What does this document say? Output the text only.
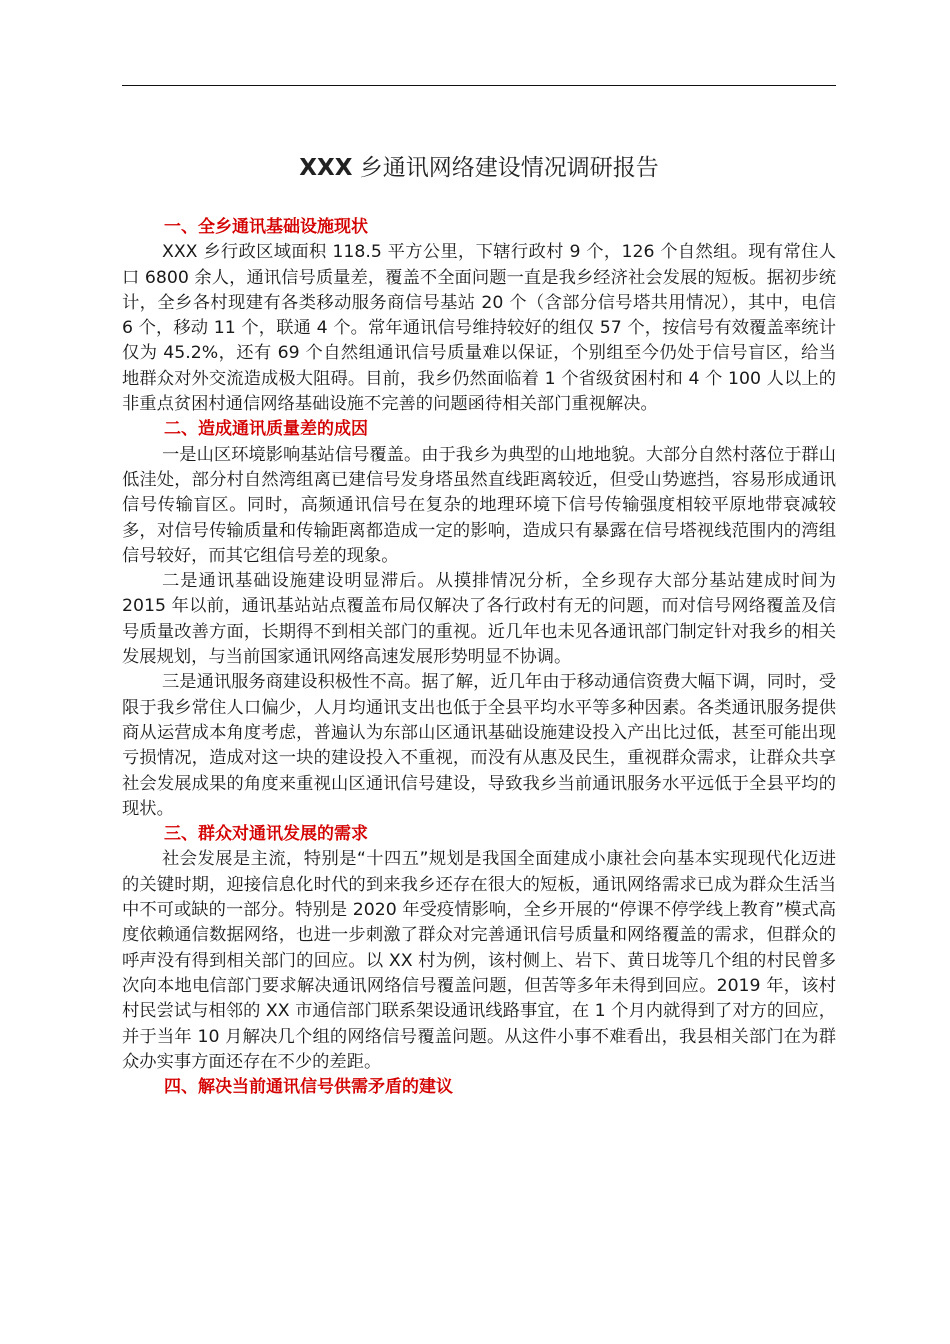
XXX 乡通讯网络建设情况调研报告
一、全乡通讯基础设施现状

XXX 乡行政区域面积 118.5 平方公里，下辖行政村 9 个，126 个自然组。现有常住人口 6800 余人，通讯信号质量差，覆盖不全面问题一直是我乡经济社会发展的短板。据初步统计，全乡各村现建有各类移动服务商信号基站 20 个（含部分信号塔共用情况），其中，电信 6 个，移动 11 个，联通 4 个。常年通讯信号维持较好的组仅 57 个，按信号有效覆盖率统计仅为 45.2%，还有 69 个自然组通讯信号质量难以保证，个别组至今仍处于信号盲区，给当地群众对外交流造成极大阻碍。目前，我乡仍然面临着 1 个省级贫困村和 4 个 100 人以上的非重点贫困村通信网络基础设施不完善的问题函待相关部门重视解决。

二、造成通讯质量差的成因

一是山区环境影响基站信号覆盖。由于我乡为典型的山地地貌。大部分自然村落位于群山低洼处，部分村自然湾组离已建信号发身塔虽然直线距离较近，但受山势遮挡，容易形成通讯信号传输盲区。同时，高频通讯信号在复杂的地理环境下信号传输强度相较平原地带衰减较多，对信号传输质量和传输距离都造成一定的影响，造成只有暴露在信号塔视线范围内的湾组信号较好，而其它组信号差的现象。

二是通讯基础设施建设明显滞后。从摸排情况分析，全乡现存大部分基站建成时间为 2015 年以前，通讯基站站点覆盖布局仅解决了各行政村有无的问题，而对信号网络覆盖及信号质量改善方面，长期得不到相关部门的重视。近几年也未见各通讯部门制定针对我乡的相关发展规划，与当前国家通讯网络高速发展形势明显不协调。

三是通讯服务商建设积极性不高。据了解，近几年由于移动通信资费大幅下调，同时，受限于我乡常住人口偏少，人月均通讯支出也低于全县平均水平等多种因素。各类通讯服务提供商从运营成本角度考虑，普遍认为东部山区通讯基础设施建设投入产出比过低，甚至可能出现亏损情况，造成对这一块的建设投入不重视，而没有从惠及民生，重视群众需求，让群众共享社会发展成果的角度来重视山区通讯信号建设，导致我乡当前通讯服务水平远低于全县平均的现状。

三、群众对通讯发展的需求

社会发展是主流，特别是“十四五”规划是我国全面建成小康社会向基本实现现代化迈进的关键时期，迎接信息化时代的到来我乡还存在很大的短板，通讯网络需求已成为群众生活当中不可或缺的一部分。特别是 2020 年受疫情影响，全乡开展的“停课不停学线上教育”模式高度依赖通信数据网络，也进一步刺激了群众对完善通讯信号质量和网络覆盖的需求，但群众的呼声没有得到相关部门的回应。以 XX 村为例，该村侧上、岩下、黄日垅等几个组的村民曾多次向本地电信部门要求解决通讯网络信号覆盖问题，但苦等多年未得到回应。2019 年，该村村民尝试与相邻的 XX 市通信部门联系架设通讯线路事宜，在 1 个月内就得到了对方的回应，并于当年 10 月解决几个组的网络信号覆盖问题。从这件小事不难看出，我县相关部门在为群众办实事方面还存在不少的差距。

四、解决当前通讯信号供需矛盾的建议
